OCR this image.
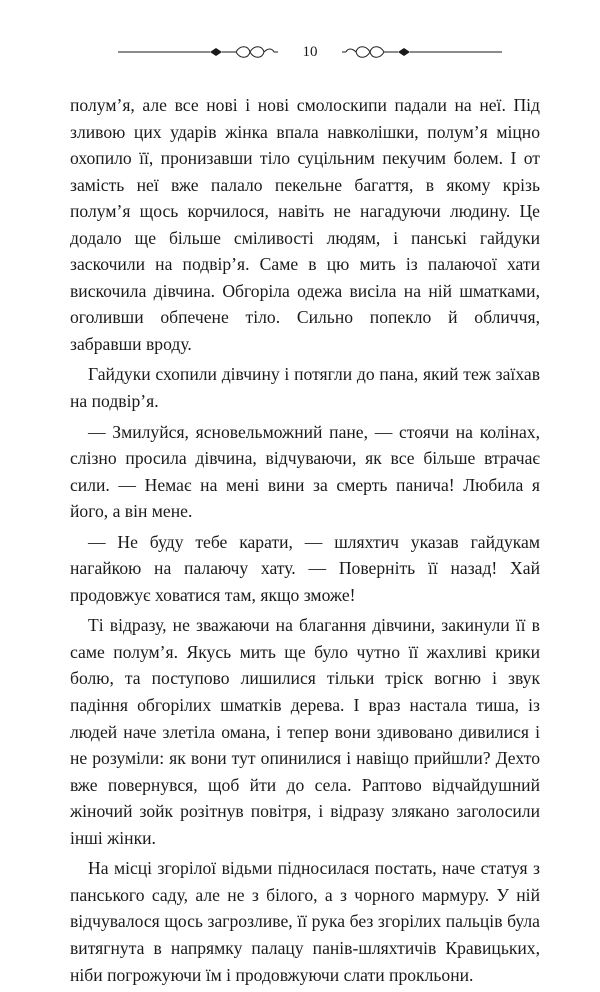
10

полум’я, але все нові і нові смолоскипи падали на неї. Під зливою цих ударів жінка впала навколішки, полум’я міцно охопило її, пронизавши тіло суцільним пекучим болем. І от замість неї вже палало пекельне багаття, в якому крізь полум’я щось корчилося, навіть не нагадуючи людину. Це додало ще більше сміливості людям, і панські гайдуки заскочили на подвір’я. Саме в цю мить із палаючої хати вискочила дівчина. Обгоріла одежа висіла на ній шматками, оголивши обпечене тіло. Сильно попекло й обличчя, забравши вроду.

Гайдуки схопили дівчину і потягли до пана, який теж заїхав на подвір’я.

— Змилуйся, ясновельможний пане, — стоячи на колінах, слізно просила дівчина, відчуваючи, як все більше втрачає сили. — Немає на мені вини за смерть панича! Любила я його, а він мене.

— Не буду тебе карати, — шляхтич указав гайдукам нагайкою на палаючу хату. — Поверніть її назад! Хай продовжує ховатися там, якщо зможе!

Ті відразу, не зважаючи на благання дівчини, закинули її в саме полум’я. Якусь мить ще було чутно її жахливі крики болю, та поступово лишилися тільки тріск вогню і звук падіння обгорілих шматків дерева. І враз настала тиша, із людей наче злетіла омана, і тепер вони здивовано дивилися і не розуміли: як вони тут опинилися і навіщо прийшли? Дехто вже повернувся, щоб йти до села. Раптово відчайдушний жіночий зойк розітнув повітря, і відразу злякано заголосили інші жінки.

На місці згорілої відьми підносилася постать, наче статуя з панського саду, але не з білого, а з чорного мармуру. У ній відчувалося щось загрозливе, її рука без згорілих пальців була витягнута в напрямку палацу панів-шляхтичів Кравицьких, ніби погрожуючи їм і продовжуючи слати прокльони.
